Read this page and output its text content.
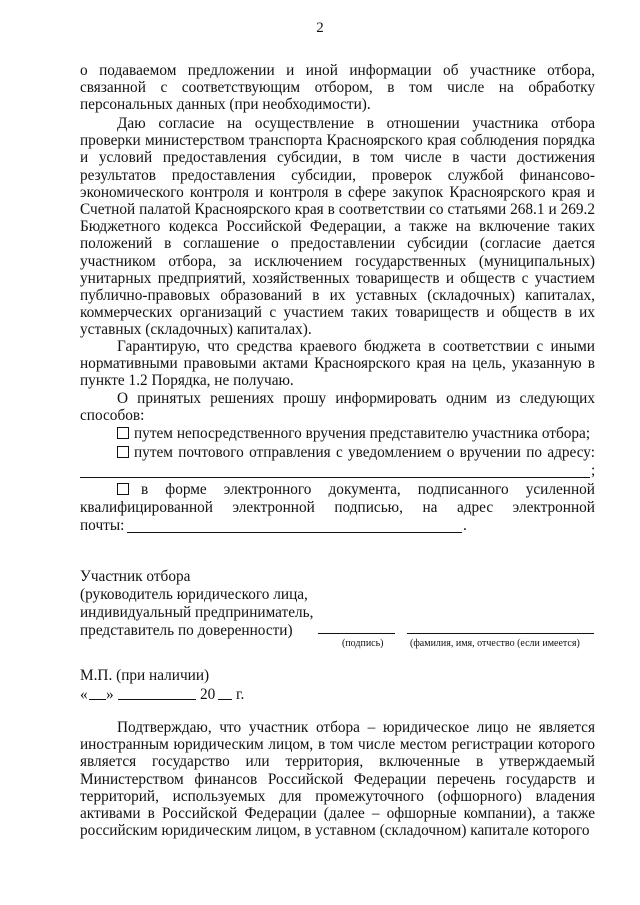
2

о подаваемом предложении и иной информации об участнике отбора, связанной с соответствующим отбором, в том числе на обработку персональных данных (при необходимости).

Даю согласие на осуществление в отношении участника отбора проверки министерством транспорта Красноярского края соблюдения порядка и условий предоставления субсидии, в том числе в части достижения результатов предоставления субсидии, проверок службой финансово-экономического контроля и контроля в сфере закупок Красноярского края и Счетной палатой Красноярского края в соответствии со статьями 268.1 и 269.2 Бюджетного кодекса Российской Федерации, а также на включение таких положений в соглашение о предоставлении субсидии (согласие дается участником отбора, за исключением государственных (муниципальных) унитарных предприятий, хозяйственных товариществ и обществ с участием публично-правовых образований в их уставных (складочных) капиталах, коммерческих организаций с участием таких товариществ и обществ в их уставных (складочных) капиталах).

Гарантирую, что средства краевого бюджета в соответствии с иными нормативными правовыми актами Красноярского края на цель, указанную в пункте 1.2 Порядка, не получаю.

О принятых решениях прошу информировать одним из следующих способов:

путем непосредственного вручения представителю участника отбора;
путем почтового отправления с уведомлением о вручении по адресу:
;
в форме электронного документа, подписанного усиленной
квалифицированной электронной подписью, на адрес электронной
почты:	.
Участник отбора
(руководитель юридического лица,
индивидуальный предприниматель,
представитель по доверенности)
(подпись)	(фамилия, имя, отчество (если имеется)
М.П. (при наличии)
« »	20 г.

Подтверждаю, что участник отбора – юридическое лицо не является иностранным юридическим лицом, в том числе местом регистрации которого является государство или территория, включенные в утверждаемый Министерством финансов Российской Федерации перечень государств и территорий, используемых для промежуточного (офшорного) владения активами в Российской Федерации (далее – офшорные компании), а также российским юридическим лицом, в уставном (складочном) капитале которого
